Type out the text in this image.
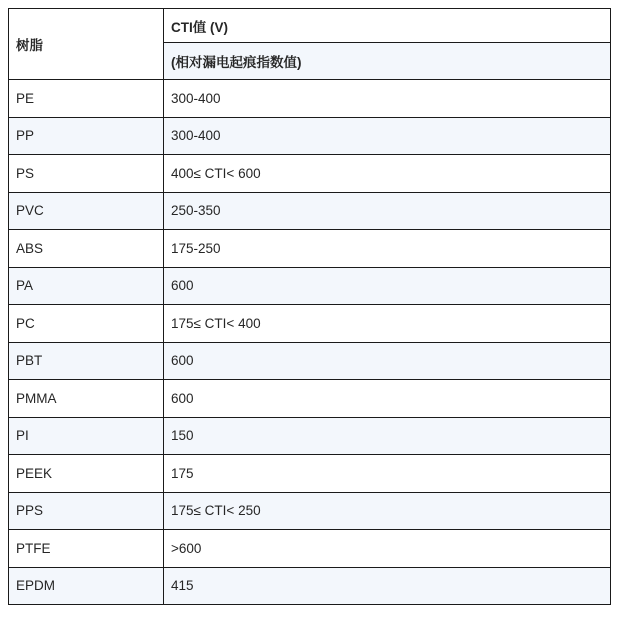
树脂	CTI值 (V)
	(相对漏电起痕指数值)
PE	300-400
PP	300-400
PS	400≤ CTI< 600
PVC	250-350
ABS	175-250
PA	600
PC	175≤ CTI< 400
PBT	600
PMMA	600
PI	150
PEEK	175
PPS	175≤ CTI< 250
PTFE	>600
EPDM	415
